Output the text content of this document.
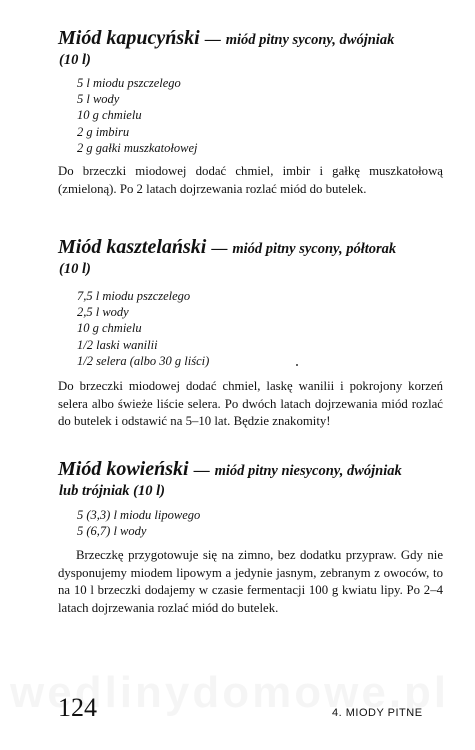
Miód kapucyński — miód pitny sycony, dwójniak
(10 l)
5 l miodu pszczelego
5 l wody
10 g chmielu
2 g imbiru
2 g gałki muszkatołowej

Do brzeczki miodowej dodać chmiel, imbir i gałkę muszkatołową (zmieloną). Po 2 latach dojrzewania rozlać miód do butelek.

Miód kasztelański — miód pitny sycony, półtorak
(10 l)
7,5 l miodu pszczelego
2,5 l wody
10 g chmielu
1/2 laski wanilii
1/2 selera (albo 30 g liści)

Do brzeczki miodowej dodać chmiel, laskę wanilii i pokrojony korzeń selera albo świeże liście selera. Po dwóch latach dojrzewania miód rozlać do butelek i odstawić na 5–10 lat. Będzie znakomity!

Miód kowieński — miód pitny niesycony, dwójniak
lub trójniak (10 l)
5 (3,3) l miodu lipowego
5 (6,7) l wody

Brzeczkę przygotowuje się na zimno, bez dodatku przypraw. Gdy nie dysponujemy miodem lipowym a jedynie jasnym, zebranym z owoców, to na 10 l brzeczki dodajemy w czasie fermentacji 100 g kwiatu lipy. Po 2–4 latach dojrzewania rozlać miód do butelek.

124	4. MIODY PITNE
